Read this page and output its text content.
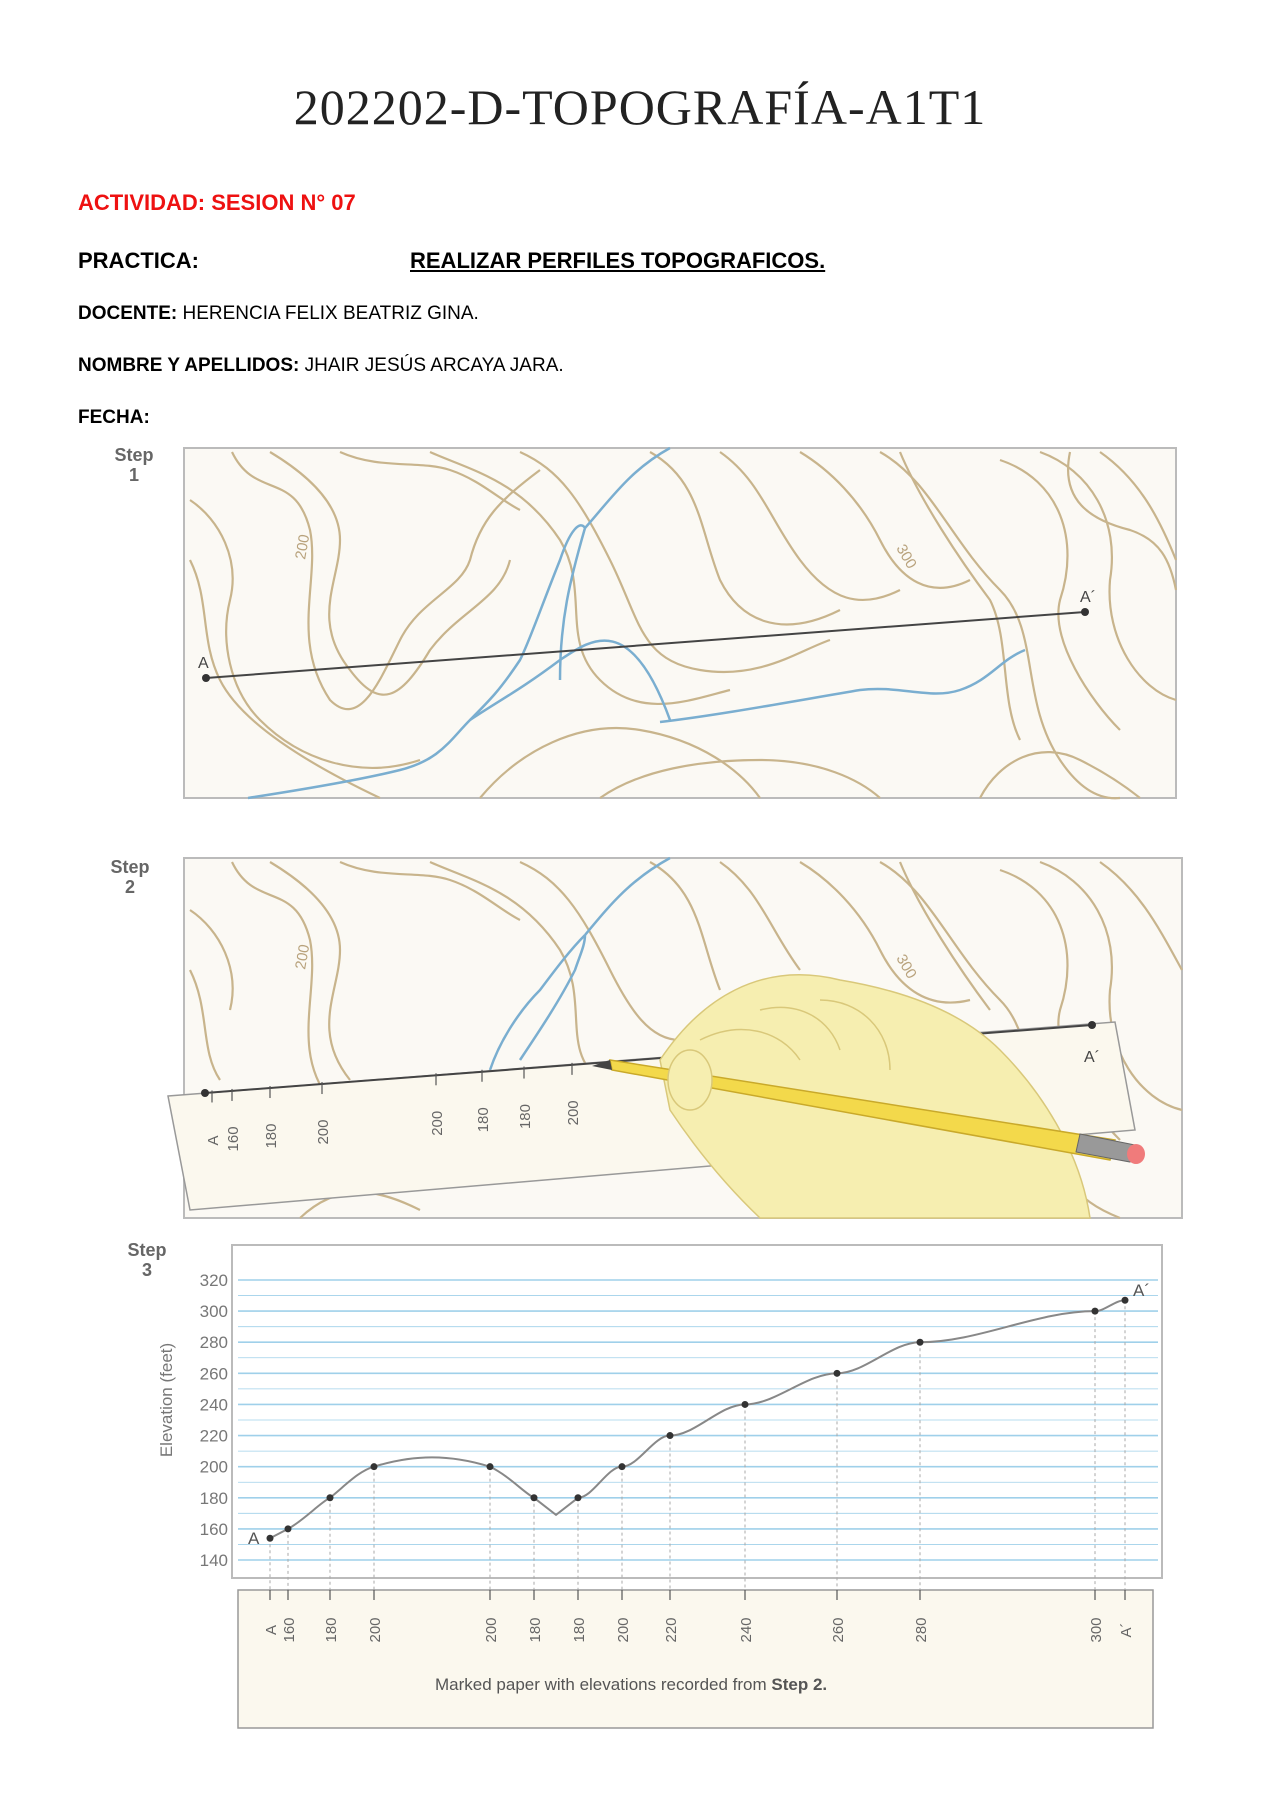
202202-D-TOPOGRAFÍA-A1T1
ACTIVIDAD: SESION N° 07
PRACTICA:	REALIZAR PERFILES TOPOGRAFICOS.
DOCENTE: HERENCIA FELIX BEATRIZ GINA.
NOMBRE Y APELLIDOS: JHAIR JESÚS ARCAYA JARA.
FECHA:
Step
1
200	300
A
A´
Step
2
200	300
A´
A 160 180 200	200 180 180 200
Step
3
140
160
180
200
220
240
260
280
300
320
Elevation (feet)
A
A´
A 160 180 200	200 180 180 200 220	240	260	280	300 A´
Marked paper with elevations recorded from Step 2.
